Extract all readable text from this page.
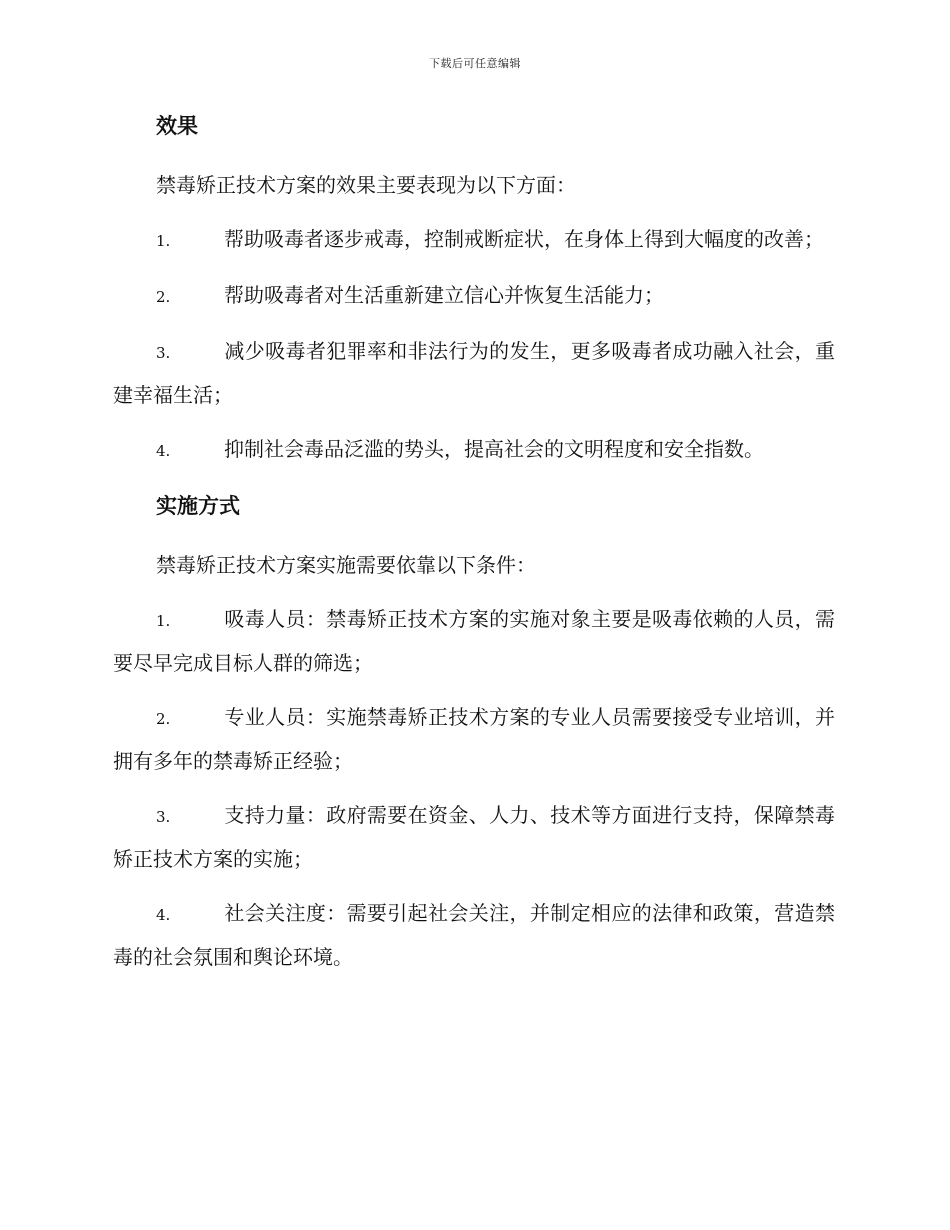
下载后可任意编辑
效果

禁毒矫正技术方案的效果主要表现为以下方面：

1.	帮助吸毒者逐步戒毒，控制戒断症状，在身体上得到大幅度的改善；
2.	帮助吸毒者对生活重新建立信心并恢复生活能力；
3.	减少吸毒者犯罪率和非法行为的发生，更多吸毒者成功融入社会，重建幸福生活；
4.	抑制社会毒品泛滥的势头，提高社会的文明程度和安全指数。
实施方式

禁毒矫正技术方案实施需要依靠以下条件：

1.	吸毒人员：禁毒矫正技术方案的实施对象主要是吸毒依赖的人员，需要尽早完成目标人群的筛选；
2.	专业人员：实施禁毒矫正技术方案的专业人员需要接受专业培训，并拥有多年的禁毒矫正经验；
3.	支持力量：政府需要在资金、人力、技术等方面进行支持，保障禁毒矫正技术方案的实施；
4.	社会关注度：需要引起社会关注，并制定相应的法律和政策，营造禁毒的社会氛围和舆论环境。
